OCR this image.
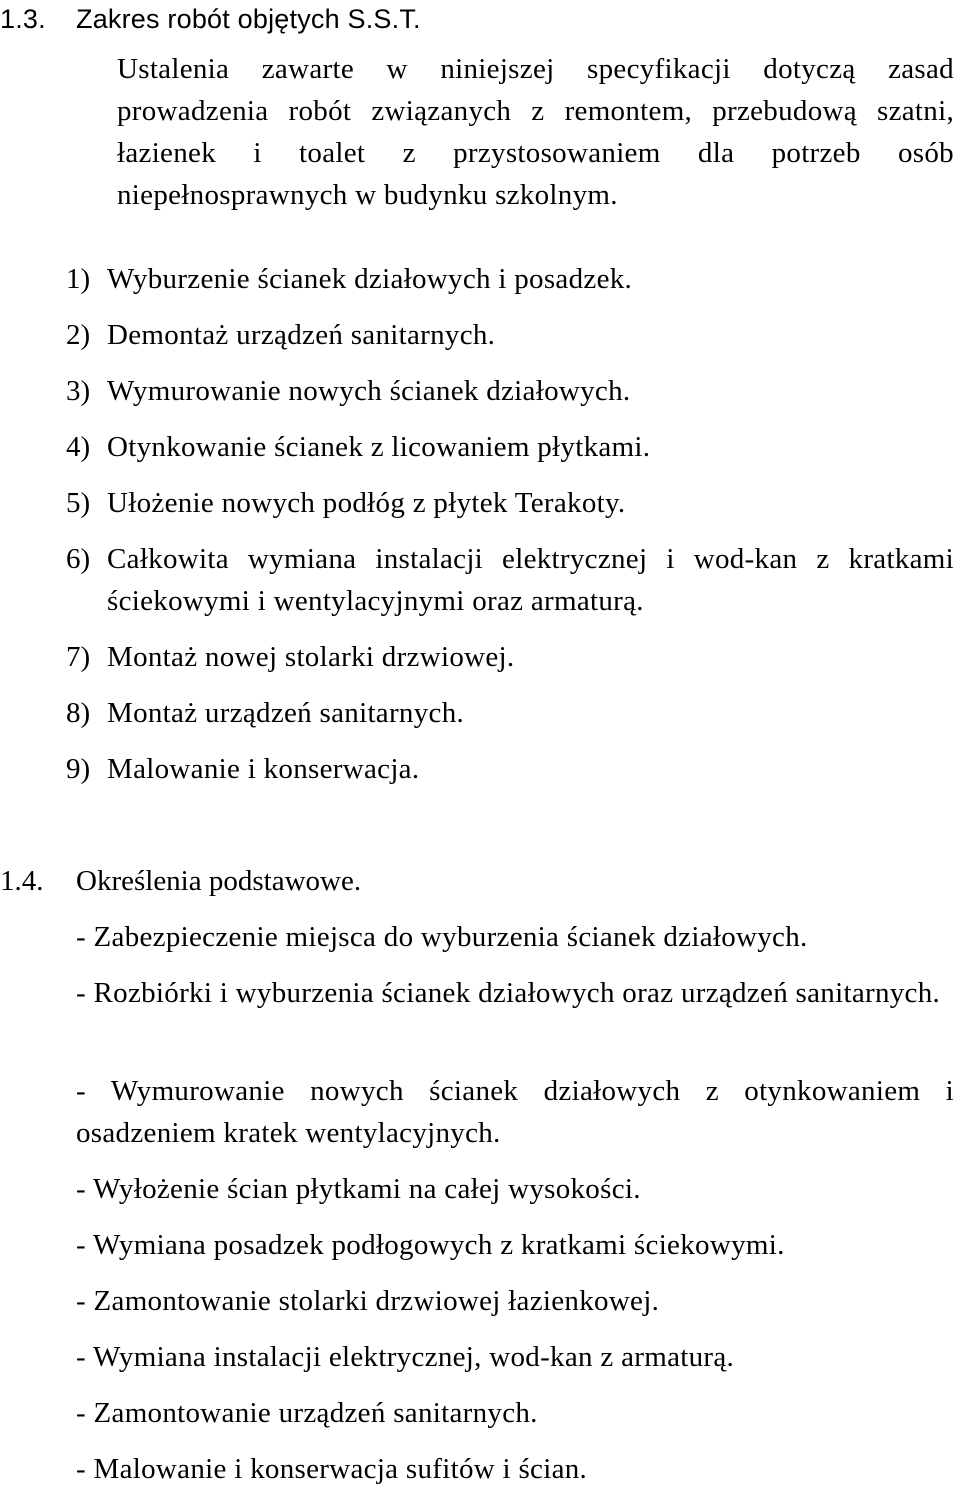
1.3. Zakres robót objętych S.S.T.
Ustalenia zawarte w niniejszej specyfikacji dotyczą zasad prowadzenia robót związanych z remontem, przebudową szatni, łazienek i toalet z przystosowaniem dla potrzeb osób niepełnosprawnych w budynku szkolnym.
1) Wyburzenie ścianek działowych i posadzek.
2) Demontaż urządzeń sanitarnych.
3) Wymurowanie nowych ścianek działowych.
4) Otynkowanie ścianek z licowaniem płytkami.
5) Ułożenie nowych podłóg z płytek Terakoty.
6) Całkowita wymiana instalacji elektrycznej i wod-kan z kratkami ściekowymi i wentylacyjnymi oraz armaturą.
7) Montaż nowej stolarki drzwiowej.
8) Montaż urządzeń sanitarnych.
9) Malowanie i konserwacja.
1.4. Określenia podstawowe.
- Zabezpieczenie miejsca do wyburzenia ścianek działowych.
- Rozbiórki i wyburzenia ścianek działowych oraz urządzeń sanitarnych.
- Wymurowanie nowych ścianek działowych z otynkowaniem i osadzeniem kratek wentylacyjnych.
- Wyłożenie ścian płytkami na całej wysokości.
- Wymiana posadzek podłogowych z kratkami ściekowymi.
- Zamontowanie stolarki drzwiowej łazienkowej.
- Wymiana instalacji elektrycznej, wod-kan z armaturą.
- Zamontowanie urządzeń sanitarnych.
- Malowanie i konserwacja sufitów i ścian.
